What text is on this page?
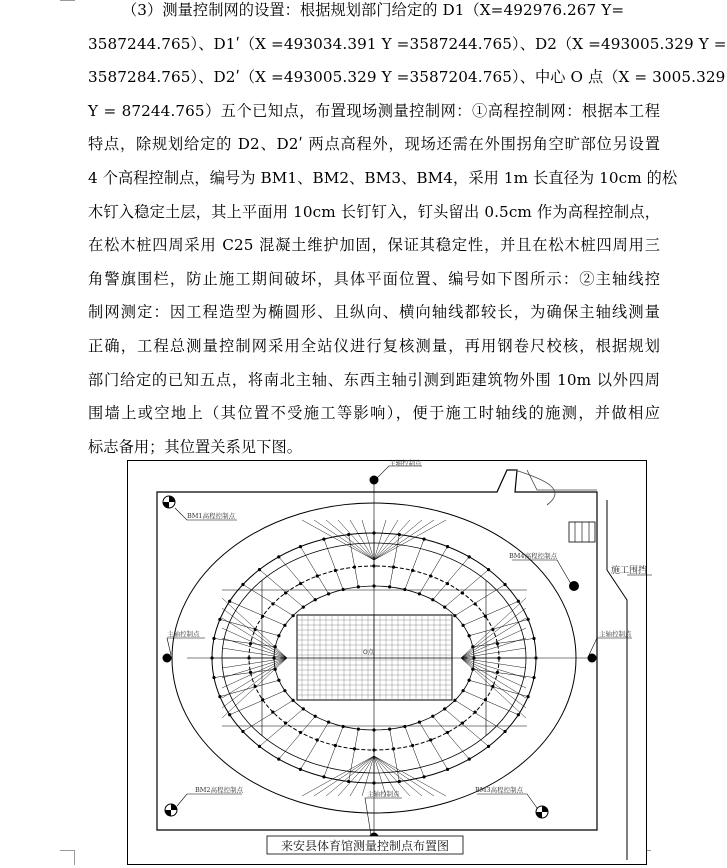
（3）测量控制网的设置：根据规划部门给定的 D1（X=492976.267 Y=
3587244.765）、D1ʹ（X =493034.391 Y =3587244.765）、D2（X =493005.329 Y =
3587284.765）、D2ʹ（X =493005.329 Y =3587204.765）、中心 O 点（X = 3005.329
Y = 87244.765）五个已知点，布置现场测量控制网：①高程控制网：根据本工程
特点，除规划给定的 D2、D2ʹ 两点高程外，现场还需在外围拐角空旷部位另设置
4 个高程控制点，编号为 BM1、BM2、BM3、BM4，采用 1m 长直径为 10cm 的松
木钉入稳定土层，其上平面用 10cm 长钉钉入，钉头留出 0.5cm 作为高程控制点，
在松木桩四周采用 C25 混凝土维护加固，保证其稳定性，并且在松木桩四周用三
角警旗围栏，防止施工期间破坏，具体平面位置、编号如下图所示：②主轴线控
制网测定：因工程造型为椭圆形、且纵向、横向轴线都较长，为确保主轴线测量
正确，工程总测量控制网采用全站仪进行复核测量，再用钢卷尺校核，根据规划
部门给定的已知五点，将南北主轴、东西主轴引测到距建筑物外围 10m 以外四周
围墙上或空地上（其位置不受施工等影响），便于施工时轴线的施测，并做相应
标志备用；其位置关系见下图。
O点
主轴控制点
主轴控制点	主轴控制点
主轴控制点
BM1高程控制点
BM2高程控制点	BM3高程控制点
BM4高程控制点
施工围挡
来安县体育馆测量控制点布置图
